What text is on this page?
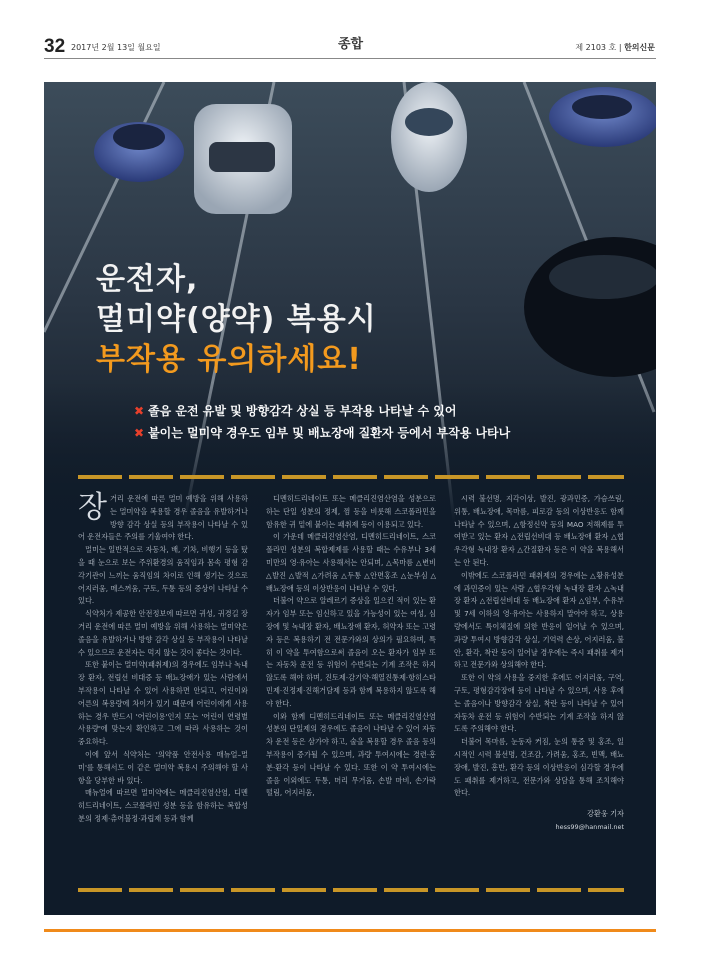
32 2017년 2월 13일 월요일	종합	제 2103 호 | 한의신문
운전자,
멀미약(양약) 복용시
부작용 유의하세요!
✖ 졸음 운전 유발 및 방향감각 상실 등 부작용 나타날 수 있어
✖ 붙이는 멀미약 경우도 임부 및 배뇨장애 질환자 등에서 부작용 나타나
장 거리 운전에 따른 멀미 예방을 위해 사용하는 멀미약을 복용할 경우 졸음을 유발하거나 방향 감각 상실 등의 부작용이 나타날 수 있어 운전자들은 주의를 기울여야 한다.

멀미는 일반적으로 자동차, 배, 기차, 비행기 등을 탔을 때 눈으로 보는 주위환경의 움직임과 몸속 평형 감각기관이 느끼는 움직임의 차이로 인해 생기는 것으로 어지러움, 메스꺼움, 구토, 두통 등의 증상이 나타날 수 있다.

식약처가 제공한 안전정보에 따르면 귀성, 귀경길 장거리 운전에 따른 멀미 예방을 위해 사용하는 멀미약은 졸음을 유발하거나 방향 감각 상실 등 부작용이 나타날 수 있으므로 운전자는 먹지 않는 것이 좋다는 것이다.

또한 붙이는 멀미약(패취제)의 경우에도 임부나 녹내장 환자, 전립선 비대증 등 배뇨장애가 있는 사람에서 부작용이 나타날 수 있어 사용하면 안되고, 어린이와 어른의 복용량에 차이가 있기 때문에 어린이에게 사용하는 경우 반드시 '어린이용'인지 또는 '어린이 연령별 사용량'에 맞는지 확인하고 그에 따라 사용하는 것이 중요하다.

이에 앞서 식약처는 '의약품 안전사용 매뉴얼–멀미'를 통해서도 이 같은 멀미약 복용시 주의해야 할 사항을 당부한 바 있다.

매뉴얼에 따르면 멀미약에는 메클리진염산염, 디멘히드리네이트, 스코폴라민 성분 등을 함유하는 복합성분의 정제·츄어블정·과립제 등과 함께

디멘히드리네이트 또는 메클리진염산염을 성분으로 하는 단일 성분의 정제, 껌 등을 비롯해 스코폴라민을 함유한 귀 밑에 붙이는 패취제 등이 이용되고 있다.

이 가운데 메클리진염산염, 디멘히드리네이트, 스코폴라민 성분의 복합제제를 사용할 때는 수유부나 3세 미만의 영·유아는 사용해서는 안되며, △목마름 △변비 △발진 △발적 △가려움 △두통 △안면홍조 △눈부심 △배뇨장애 등의 이상반응이 나타날 수 있다.

더불어 약으로 알레르기 증상을 일으킨 적이 있는 환자가 임부 또는 임신하고 있을 가능성이 있는 여성, 심장에 및 녹내장 환자, 배뇨장애 환자, 허약자 또는 고령자 등은 복용하기 전 전문가와의 상의가 필요하며, 특히 이 약을 투여함으로써 졸음이 오는 환자가 임부 또는 자동차 운전 등 위험이 수반되는 기계 조작은 하지 않도록 해야 하며, 진토제·감기약·해열진통제·항히스타민제·진정제·진해거담제 등과 함께 복용하지 않도록 해야 한다.

이와 함께 디멘히드리네이트 또는 메클리진염산염 성분의 단일제의 경우에도 졸음이 나타날 수 있어 자동차 운전 등은 삼가야 하고, 술을 복용할 경우 졸음 등의 부작용이 증가될 수 있으며, 과량 투여시에는 경련·흥분·환각 등이 나타날 수 있다. 또한 이 약 투여시에는 졸음 이외에도 두통, 머리 무거움, 손발 마비, 손가락 떨림, 어지러움,

시력 불선명, 지각이상, 발진, 광과민증, 가슴쓰림, 위통, 배뇨장애, 목마름, 피로감 등의 이상반응도 함께 나타날 수 있으며, △항정신약 등의 MAO 저해제를 투여받고 있는 환자 △전립선비대 등 배뇨장애 환자 △협우각형 녹내장 환자 △간질환자 등은 이 약을 복용해서는 안 된다.

이밖에도 스코폴라민 패취제의 경우에는 △황유성분에 과민증이 있는 사람 △협우각형 녹내장 환자 △녹내장 환자 △전립선비대 등 배뇨장애 환자 △임부, 수유부 및 7세 이하의 영·유아는 사용하지 말아야 하고, 상용량에서도 특이체질에 의한 반응이 일어날 수 있으며, 과량 투여시 방향감각 상실, 기억력 손상, 어지러움, 불안, 환각, 착란 등이 일어날 경우에는 즉시 패취를 제거하고 전문가와 상의해야 한다.

또한 이 약의 사용을 중지한 후에도 어지러움, 구역, 구토, 평형감각장애 등이 나타날 수 있으며, 사용 후에는 졸음이나 방향감각 상실, 착란 등이 나타날 수 있어 자동차 운전 등 위험이 수반되는 기계 조작을 하지 않도록 주의해야 한다.

더불어 목마름, 눈동자 커짐, 눈의 통증 및 홍조, 일시적인 시력 불선명, 건조감, 가려움, 홍조, 빈맥, 배뇨장애, 발진, 흥반, 환각 등의 이상반응이 심각할 경우에도 패취를 제거하고, 전문가와 상담을 통해 조치해야 한다.

강환웅 기자
hess99@hanmail.net
